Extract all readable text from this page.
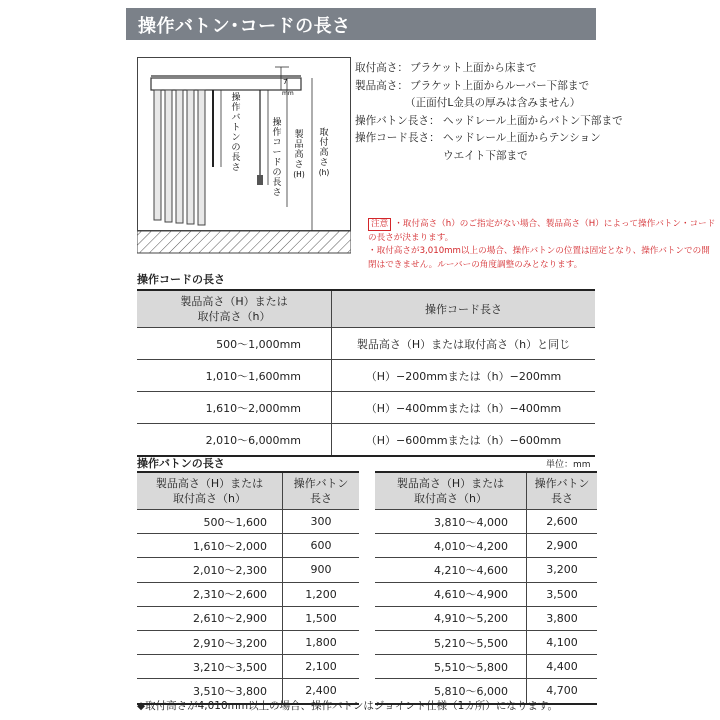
操作バトン･コードの長さ
7
mm
操
作
バ
ト
ン
の
長
さ
操
作
コ
ー
ド
の
長
さ
製
品
高
さ
(H)
取
付
高
さ
(h)
取付高さ： ブラケット上面から床まで
製品高さ： ブラケット上面からルーバー下部まで
（正面付L金具の厚みは含みません）
操作バトン長さ： ヘッドレール上面からバトン下部まで
操作コード長さ： ヘッドレール上面からテンション
ウエイト下部まで

注意 ・取付高さ（h）のご指定がない場合、製品高さ（H）によって操作バトン・コードの長さが決まります。

・取付高さが3,010mm以上の場合、操作バトンの位置は固定となり、操作バトンでの開閉はできません。ルーバーの角度調整のみとなります。

操作コードの長さ
製品高さ（H）または
取付高さ（h）	操作コード長さ
500〜1,000mm	製品高さ（H）または取付高さ（h）と同じ
1,010〜1,600mm	（H）−200mmまたは（h）−200mm
1,610〜2,000mm	（H）−400mmまたは（h）−400mm
2,010〜6,000mm	（H）−600mmまたは（h）−600mm
操作バトンの長さ	単位：mm
製品高さ（H）または
取付高さ（h）	操作バトン
長さ
500〜1,600	300
1,610〜2,000	600
2,010〜2,300	900
2,310〜2,600	1,200
2,610〜2,900	1,500
2,910〜3,200	1,800
3,210〜3,500	2,100
3,510〜3,800	2,400
製品高さ（H）または
取付高さ（h）	操作バトン
長さ
3,810〜4,000	2,600
4,010〜4,200	2,900
4,210〜4,600	3,200
4,610〜4,900	3,500
4,910〜5,200	3,800
5,210〜5,500	4,100
5,510〜5,800	4,400
5,810〜6,000	4,700
◆取付高さが4,010mm以上の場合、操作バトンはジョイント仕様（1カ所）になります。
